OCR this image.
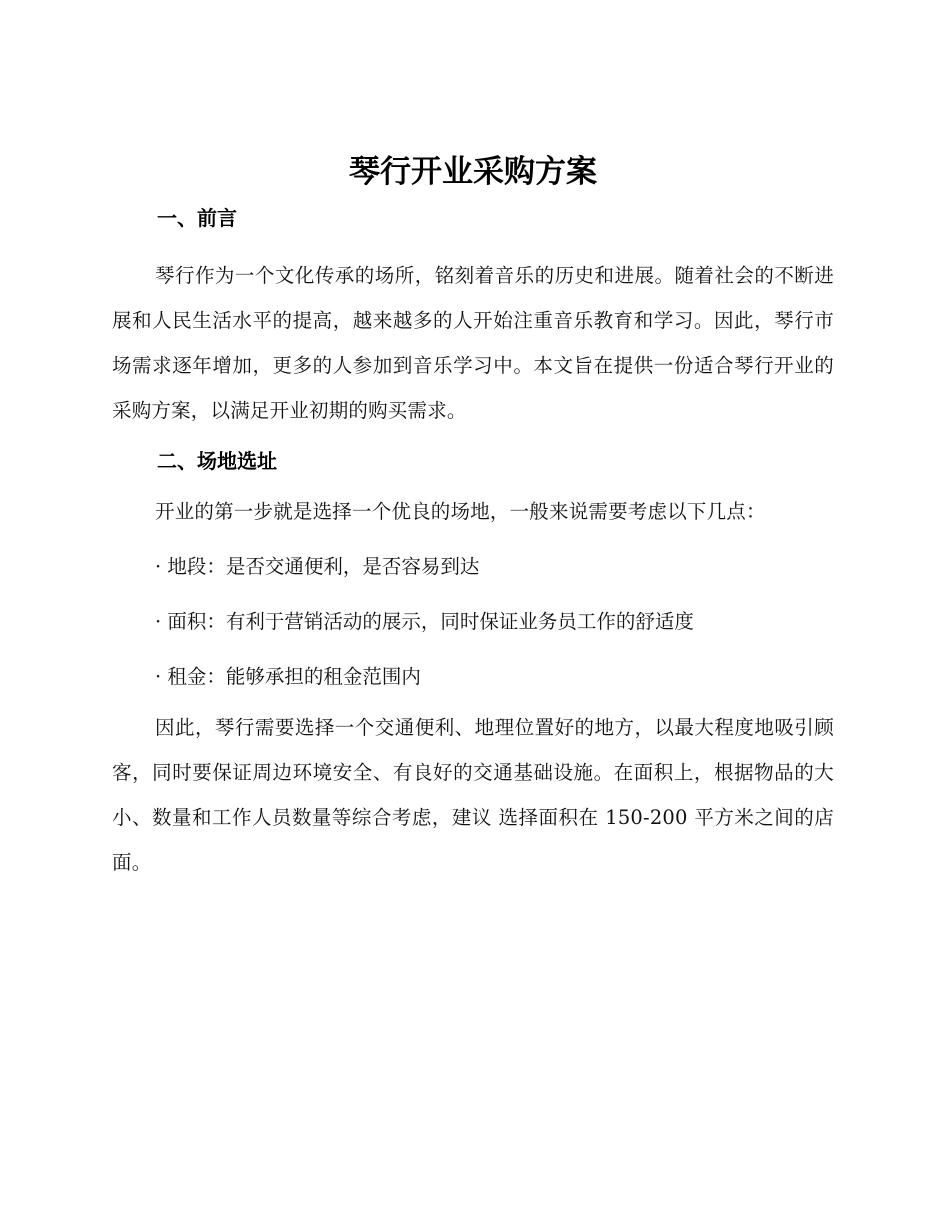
琴行开业采购方案
一、前言

琴行作为一个文化传承的场所，铭刻着音乐的历史和进展。随着社会的不断进展和人民生活水平的提高，越来越多的人开始注重音乐教育和学习。因此，琴行市场需求逐年增加，更多的人参加到音乐学习中。本文旨在提供一份适合琴行开业的采购方案，以满足开业初期的购买需求。

二、场地选址

开业的第一步就是选择一个优良的场地，一般来说需要考虑以下几点：

· 地段：是否交通便利，是否容易到达

· 面积：有利于营销活动的展示，同时保证业务员工作的舒适度

· 租金：能够承担的租金范围内

因此，琴行需要选择一个交通便利、地理位置好的地方，以最大程度地吸引顾客，同时要保证周边环境安全、有良好的交通基础设施。在面积上，根据物品的大小、数量和工作人员数量等综合考虑，建议 选择面积在 150-200 平方米之间的店面。
